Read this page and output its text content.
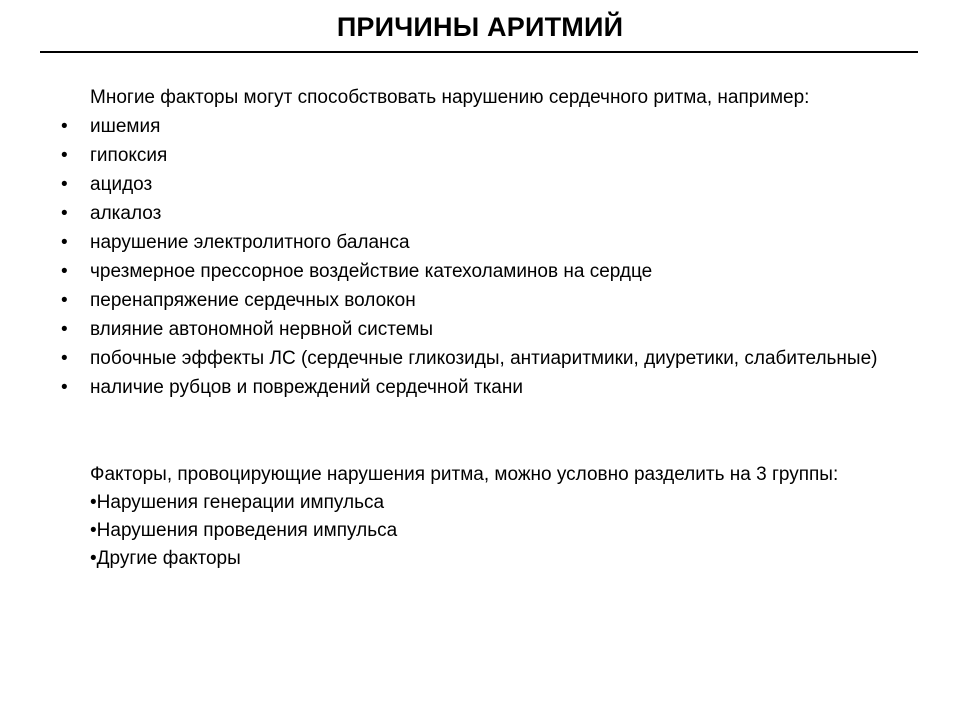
ПРИЧИНЫ АРИТМИЙ

Многие факторы могут способствовать нарушению сердечного ритма, например:

• ишемия
• гипоксия
• ацидоз
• алкалоз
• нарушение электролитного баланса
• чрезмерное прессорное воздействие катехоламинов на сердце
• перенапряжение сердечных волокон
• влияние автономной нервной системы
• побочные эффекты ЛС (сердечные гликозиды, антиаритмики, диуретики, слабительные)
• наличие рубцов и повреждений сердечной ткани

Факторы, провоцирующие нарушения ритма, можно условно разделить на 3 группы:

•Нарушения генерации импульса
•Нарушения проведения импульса
•Другие факторы
